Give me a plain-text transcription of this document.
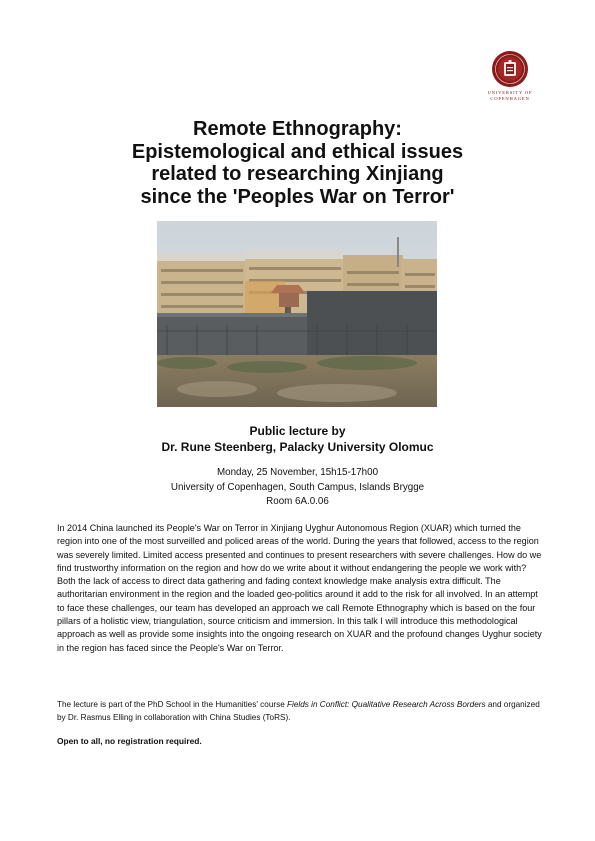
UNIVERSITY OF
COPENHAGEN
Remote Ethnography:
Epistemological and ethical issues
related to researching Xinjiang
since the 'Peoples War on Terror'
Public lecture by
Dr. Rune Steenberg, Palacky University Olomuc
Monday, 25 November, 15h15-17h00
University of Copenhagen, South Campus, Islands Brygge
Room 6A.0.06

In 2014 China launched its People's War on Terror in Xinjiang Uyghur Autonomous Region (XUAR) which turned the region into one of the most surveilled and policed areas of the world. During the years that followed, access to the region was severely limited. Limited access presented and continues to present researchers with severe challenges. How do we find trustworthy information on the region and how do we write about it without endangering the people we work with? Both the lack of access to direct data gathering and fading context knowledge make analysis extra difficult. The authoritarian environment in the region and the loaded geo-politics around it add to the risk for all involved. In an attempt to face these challenges, our team has developed an approach we call Remote Ethnography which is based on the four pillars of a holistic view, triangulation, source criticism and immersion. In this talk I will introduce this methodological approach as well as provide some insights into the ongoing research on XUAR and the profound changes Uyghur society in the region has faced since the People's War on Terror.

The lecture is part of the PhD School in the Humanities' course Fields in Conflict: Qualitative Research Across Borders and organized by Dr. Rasmus Elling in collaboration with China Studies (ToRS).

Open to all, no registration required.
